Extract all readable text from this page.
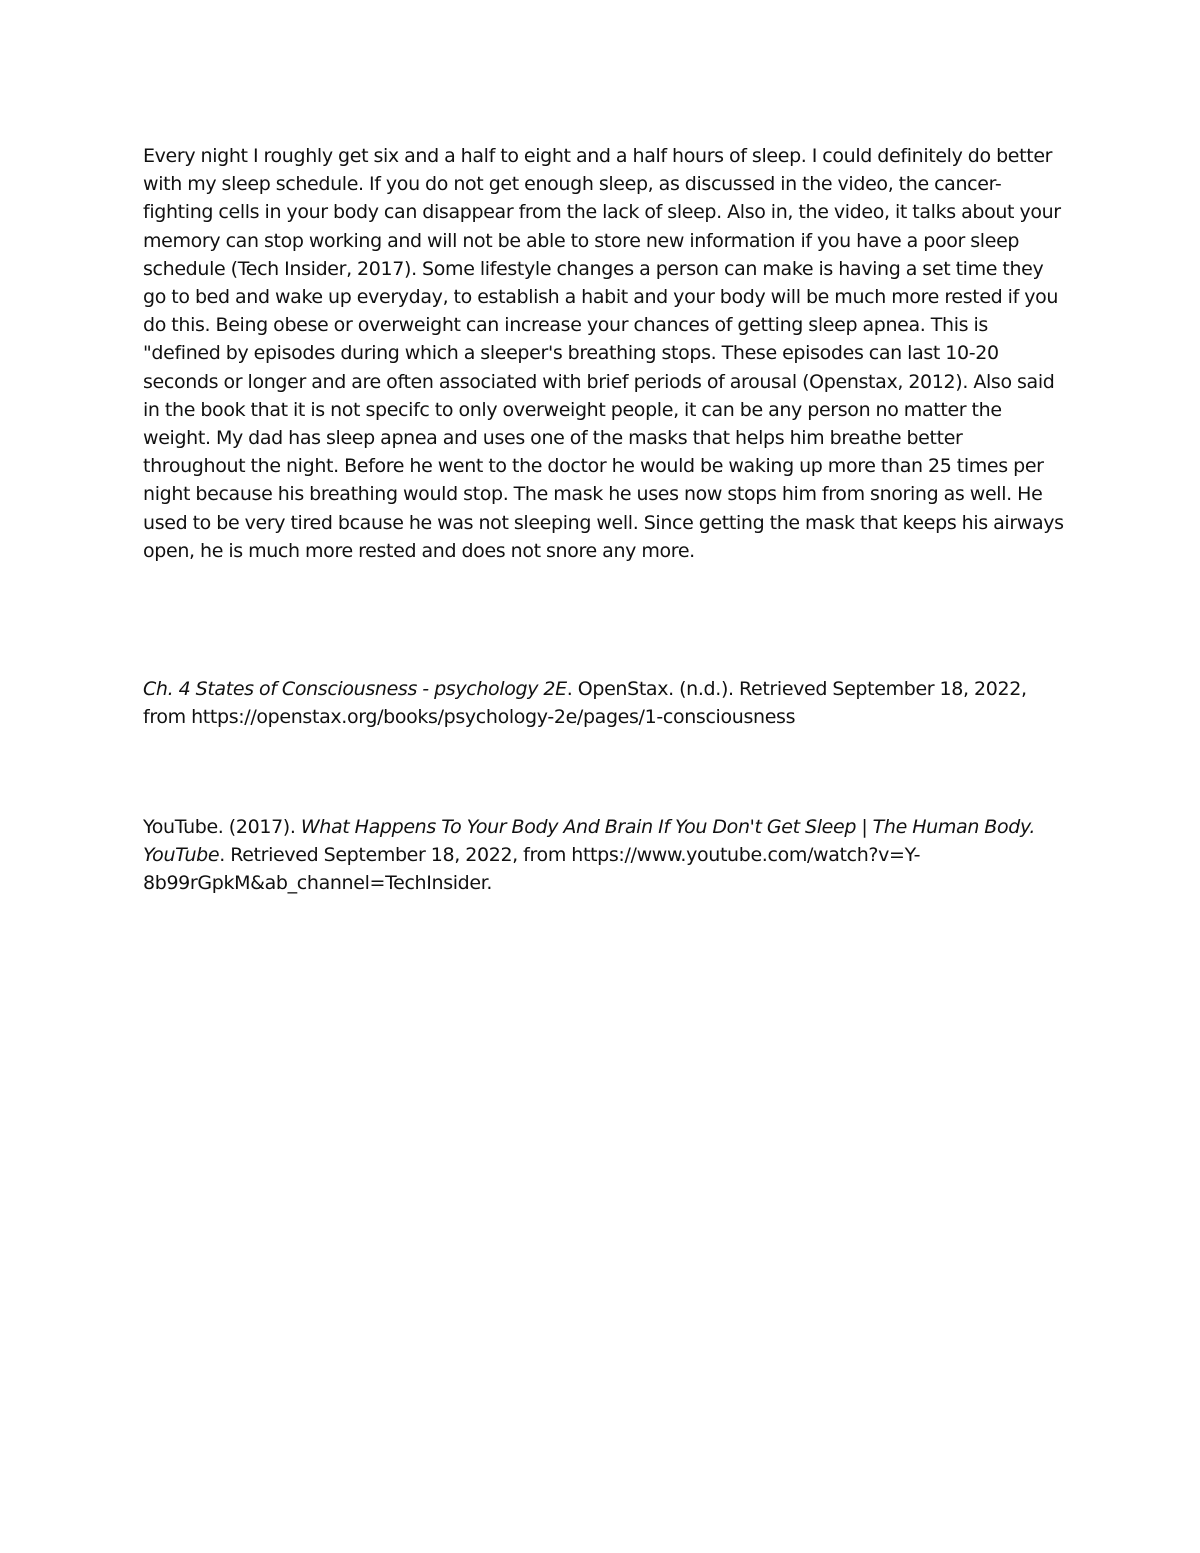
Every night I roughly get six and a half to eight and a half hours of sleep. I could definitely do better with my sleep schedule. If you do not get enough sleep, as discussed in the video, the cancer-fighting cells in your body can disappear from the lack of sleep. Also in, the video, it talks about your memory can stop working and will not be able to store new information if you have a poor sleep schedule (Tech Insider, 2017). Some lifestyle changes a person can make is having a set time they go to bed and wake up everyday, to establish a habit and your body will be much more rested if you do this. Being obese or overweight can increase your chances of getting sleep apnea. This is "defined by episodes during which a sleeper's breathing stops. These episodes can last 10-20 seconds or longer and are often associated with brief periods of arousal (Openstax, 2012). Also said in the book that it is not specifc to only overweight people, it can be any person no matter the weight. My dad has sleep apnea and uses one of the masks that helps him breathe better throughout the night. Before he went to the doctor he would be waking up more than 25 times per night because his breathing would stop. The mask he uses now stops him from snoring as well. He used to be very tired bcause he was not sleeping well. Since getting the mask that keeps his airways open, he is much more rested and does not snore any more.

Ch. 4 States of Consciousness - psychology 2E. OpenStax. (n.d.). Retrieved September 18, 2022, from https://openstax.org/books/psychology-2e/pages/1-consciousness

YouTube. (2017). What Happens To Your Body And Brain If You Don't Get Sleep | The Human Body. YouTube. Retrieved September 18, 2022, from https://www.youtube.com/watch?v=Y-8b99rGpkM&ab_channel=TechInsider.
